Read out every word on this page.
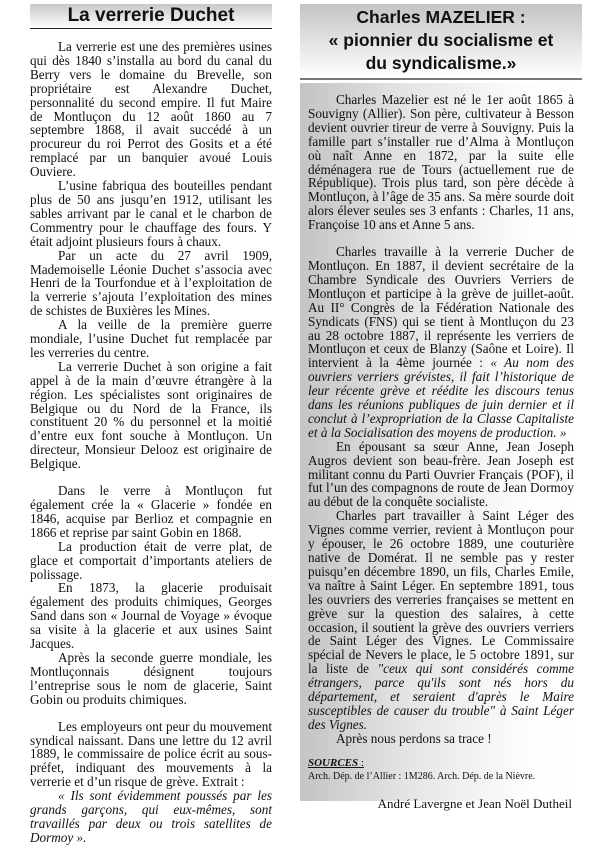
La verrerie Duchet

La verrerie est une des premières usines qui dès 1840 s’installa au bord du canal du Berry vers le domaine du Brevelle, son propriétaire est Alexandre Duchet, personnalité du second empire. Il fut Maire de Montluçon du 12 août 1860 au 7 septembre 1868, il avait succédé à un procureur du roi Perrot des Gosits et a été remplacé par un banquier avoué Louis Ouviere.

L’usine fabriqua des bouteilles pendant plus de 50 ans jusqu’en 1912, utilisant les sables arrivant par le canal et le charbon de Commentry pour le chauffage des fours. Y était adjoint plusieurs fours à chaux.

Par un acte du 27 avril 1909, Mademoiselle Léonie Duchet s’associa avec Henri de la Tourfondue et à l’exploitation de la verrerie s’ajouta l’exploitation des mines de schistes de Buxières les Mines.

A la veille de la première guerre mondiale, l’usine Duchet fut remplacée par les verreries du centre.

La verrerie Duchet à son origine a fait appel à de la main d’œuvre étrangère à la région. Les spécialistes sont originaires de Belgique ou du Nord de la France, ils constituent 20 % du personnel et la moitié d’entre eux font souche à Montluçon. Un directeur, Monsieur Delooz est originaire de Belgique.

Dans le verre à Montluçon fut également crée la « Glacerie » fondée en 1846, acquise par Berlioz et compagnie en 1866 et reprise par saint Gobin en 1868.

La production était de verre plat, de glace et comportait d’importants ateliers de polissage.

En 1873, la glacerie produisait également des produits chimiques, Georges Sand dans son « Journal de Voyage » évoque sa visite à la glacerie et aux usines Saint Jacques.

Après la seconde guerre mondiale, les Montluçonnais désignent toujours l’entreprise sous le nom de glacerie, Saint Gobin ou produits chimiques.

Les employeurs ont peur du mouvement syndical naissant. Dans une lettre du 12 avril 1889, le commissaire de police écrit au sous-préfet, indiquant des mouvements à la verrerie et d’un risque de grève. Extrait :

« Ils sont évidemment poussés par les grands garçons, qui eux-mêmes, sont travaillés par deux ou trois satellites de Dormoy ».

Charles MAZELIER :
« pionnier du socialisme et
du syndicalisme.»

Charles Mazelier est né le 1er août 1865 à Souvigny (Allier). Son père, cultivateur à Besson devient ouvrier tireur de verre à Souvigny. Puis la famille part s’installer rue d’Alma à Montluçon où naît Anne en 1872, par la suite elle déménagera rue de Tours (actuellement rue de République). Trois plus tard, son père décède à Montluçon, à l’âge de 35 ans. Sa mère sourde doit alors élever seules ses 3 enfants : Charles, 11 ans, Françoise 10 ans et Anne 5 ans.

Charles travaille à la verrerie Ducher de Montluçon. En 1887, il devient secrétaire de la Chambre Syndicale des Ouvriers Verriers de Montluçon et participe à la grève de juillet-août. Au II° Congrès de la Fédération Nationale des Syndicats (FNS) qui se tient à Montluçon du 23 au 28 octobre 1887, il représente les verriers de Montluçon et ceux de Blanzy (Saône et Loire). Il intervient à la 4ème journée : « Au nom des ouvriers verriers grévistes, il fait l’historique de leur récente grève et réédite les discours tenus dans les réunions publiques de juin dernier et il conclut à l’expropriation de la Classe Capitaliste et à la Socialisation des moyens de production. »

En épousant sa sœur Anne, Jean Joseph Augros devient son beau-frère. Jean Joseph est militant connu du Parti Ouvrier Français (POF), il fut l’un des compagnons de route de Jean Dormoy au début de la conquête socialiste.

Charles part travailler à Saint Léger des Vignes comme verrier, revient à Montluçon pour y épouser, le 26 octobre 1889, une couturière native de Domérat. Il ne semble pas y rester puisqu’en décembre 1890, un fils, Charles Emile, va naître à Saint Léger. En septembre 1891, tous les ouvriers des verreries françaises se mettent en grève sur la question des salaires, à cette occasion, il soutient la grève des ouvriers verriers de Saint Léger des Vignes. Le Commissaire spécial de Nevers le place, le 5 octobre 1891, sur la liste de "ceux qui sont considérés comme étrangers, parce qu'ils sont nés hors du département, et seraient d'après le Maire susceptibles de causer du trouble" à Saint Léger des Vignes.

Après nous perdons sa trace !

SOURCES :
Arch. Dép. de l’Allier : 1M286. Arch. Dép. de la Nièvre.
André Lavergne et Jean Noël Dutheil
